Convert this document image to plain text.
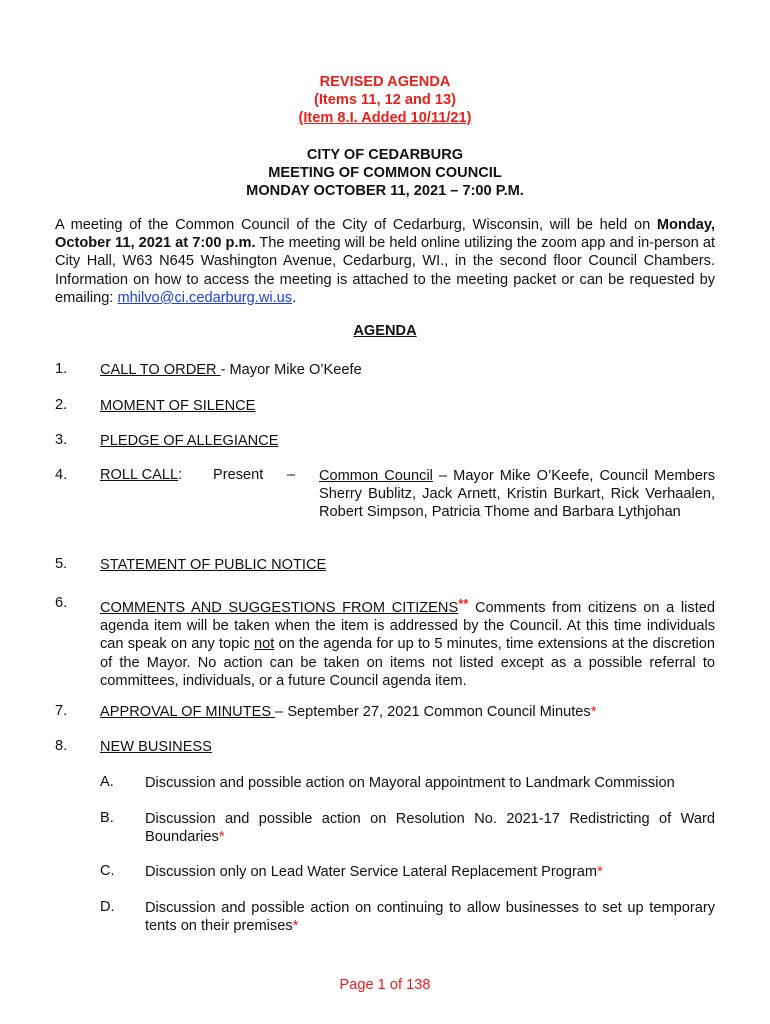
REVISED AGENDA
(Items 11, 12 and 13)
(Item 8.I. Added 10/11/21)
CITY OF CEDARBURG
MEETING OF COMMON COUNCIL
MONDAY OCTOBER 11, 2021 – 7:00 P.M.
A meeting of the Common Council of the City of Cedarburg, Wisconsin, will be held on Monday, October 11, 2021 at 7:00 p.m. The meeting will be held online utilizing the zoom app and in-person at City Hall, W63 N645 Washington Avenue, Cedarburg, WI., in the second floor Council Chambers. Information on how to access the meeting is attached to the meeting packet or can be requested by emailing: mhilvo@ci.cedarburg.wi.us.
AGENDA
1. CALL TO ORDER - Mayor Mike O’Keefe
2. MOMENT OF SILENCE
3. PLEDGE OF ALLEGIANCE
4. ROLL CALL: Present – Common Council – Mayor Mike O’Keefe, Council Members Sherry Bublitz, Jack Arnett, Kristin Burkart, Rick Verhaalen, Robert Simpson, Patricia Thome and Barbara Lythjohan
5. STATEMENT OF PUBLIC NOTICE
6. COMMENTS AND SUGGESTIONS FROM CITIZENS** Comments from citizens on a listed agenda item will be taken when the item is addressed by the Council. At this time individuals can speak on any topic not on the agenda for up to 5 minutes, time extensions at the discretion of the Mayor. No action can be taken on items not listed except as a possible referral to committees, individuals, or a future Council agenda item.
7. APPROVAL OF MINUTES – September 27, 2021 Common Council Minutes*
8. NEW BUSINESS
A. Discussion and possible action on Mayoral appointment to Landmark Commission
B. Discussion and possible action on Resolution No. 2021-17 Redistricting of Ward Boundaries*
C. Discussion only on Lead Water Service Lateral Replacement Program*
D. Discussion and possible action on continuing to allow businesses to set up temporary tents on their premises*
Page 1 of 138
